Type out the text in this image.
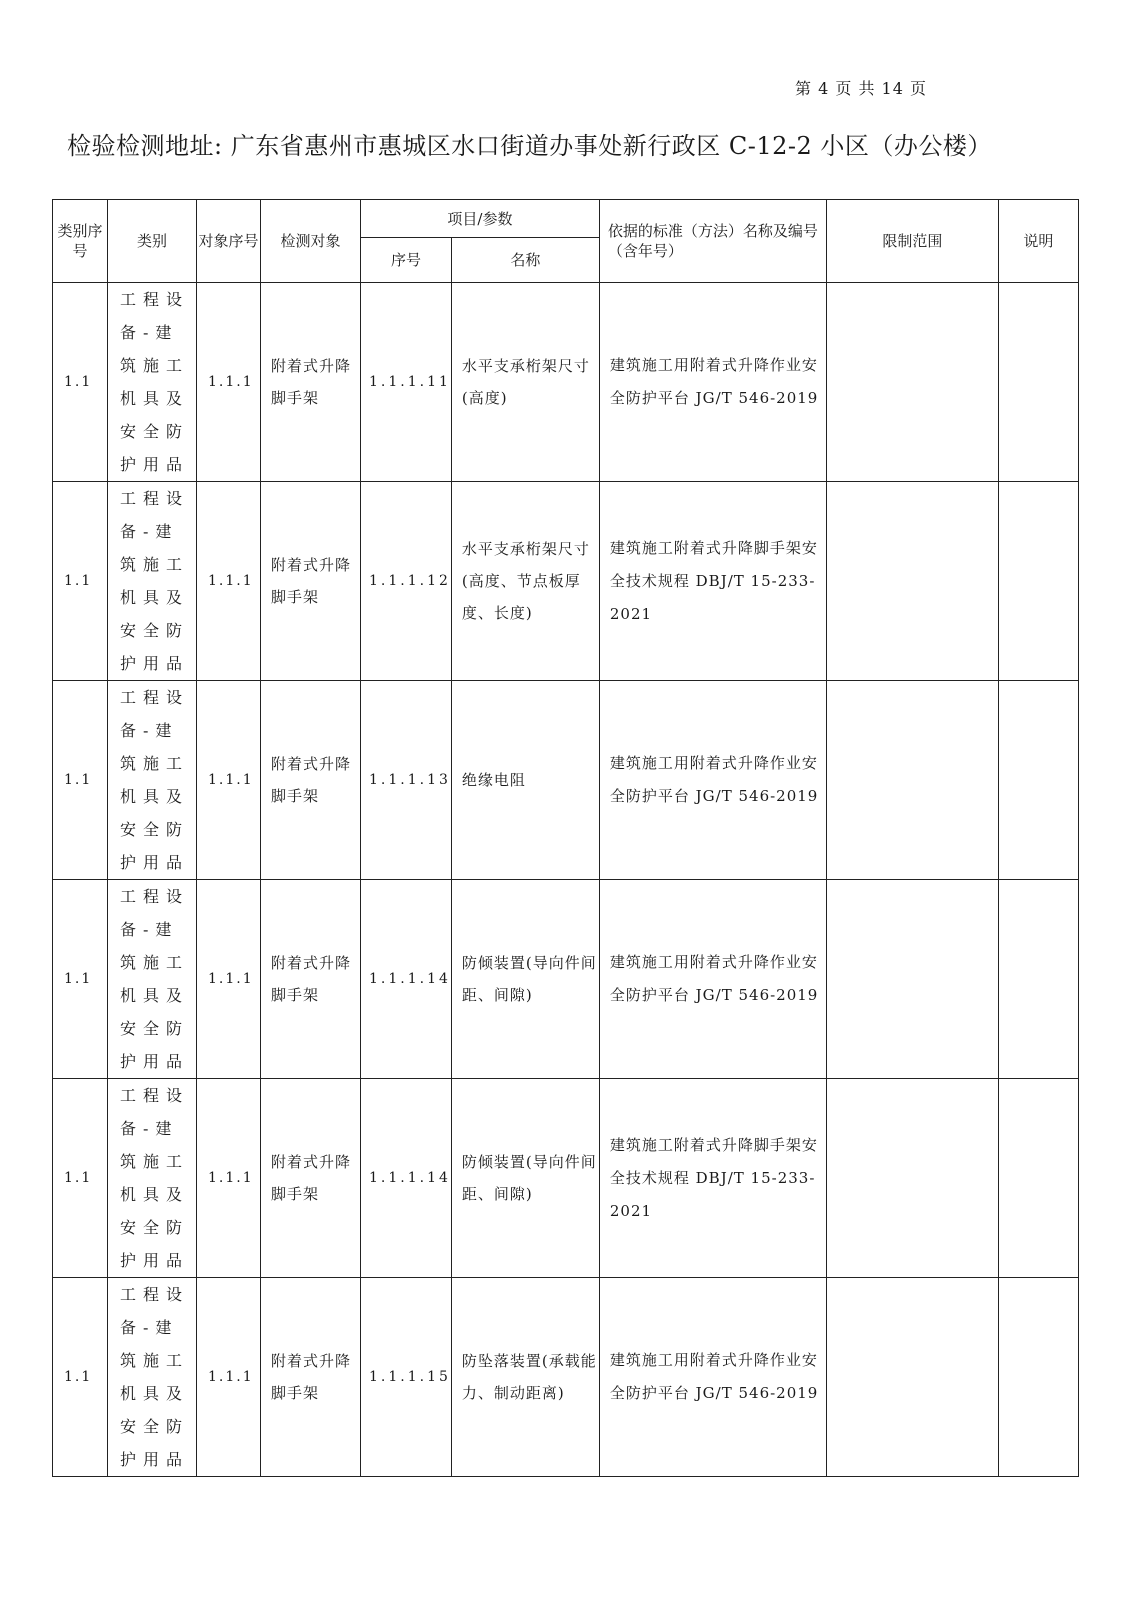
第 4 页 共 14 页
检验检测地址: 广东省惠州市惠城区水口街道办事处新行政区 C-12-2 小区（办公楼）
类别序号	类别	对象序号	检测对象	项目/参数		依据的标准（方法）名称及编号（含年号）	限制范围	说明
				序号	名称			
1.1	工程设备-建筑施工机具及安全防护用品	1.1.1	附着式升降脚手架	1.1.1.11	水平支承桁架尺寸(高度)	建筑施工用附着式升降作业安全防护平台 JG/T 546-2019		
1.1	工程设备-建筑施工机具及安全防护用品	1.1.1	附着式升降脚手架	1.1.1.12	水平支承桁架尺寸(高度、节点板厚度、长度)	建筑施工附着式升降脚手架安全技术规程 DBJ/T 15-233-2021		
1.1	工程设备-建筑施工机具及安全防护用品	1.1.1	附着式升降脚手架	1.1.1.13	绝缘电阻	建筑施工用附着式升降作业安全防护平台 JG/T 546-2019		
1.1	工程设备-建筑施工机具及安全防护用品	1.1.1	附着式升降脚手架	1.1.1.14	防倾装置(导向件间距、间隙)	建筑施工用附着式升降作业安全防护平台 JG/T 546-2019		
1.1	工程设备-建筑施工机具及安全防护用品	1.1.1	附着式升降脚手架	1.1.1.14	防倾装置(导向件间距、间隙)	建筑施工附着式升降脚手架安全技术规程 DBJ/T 15-233-2021		
1.1	工程设备-建筑施工机具及安全防护用品	1.1.1	附着式升降脚手架	1.1.1.15	防坠落装置(承载能力、制动距离)	建筑施工用附着式升降作业安全防护平台 JG/T 546-2019		
